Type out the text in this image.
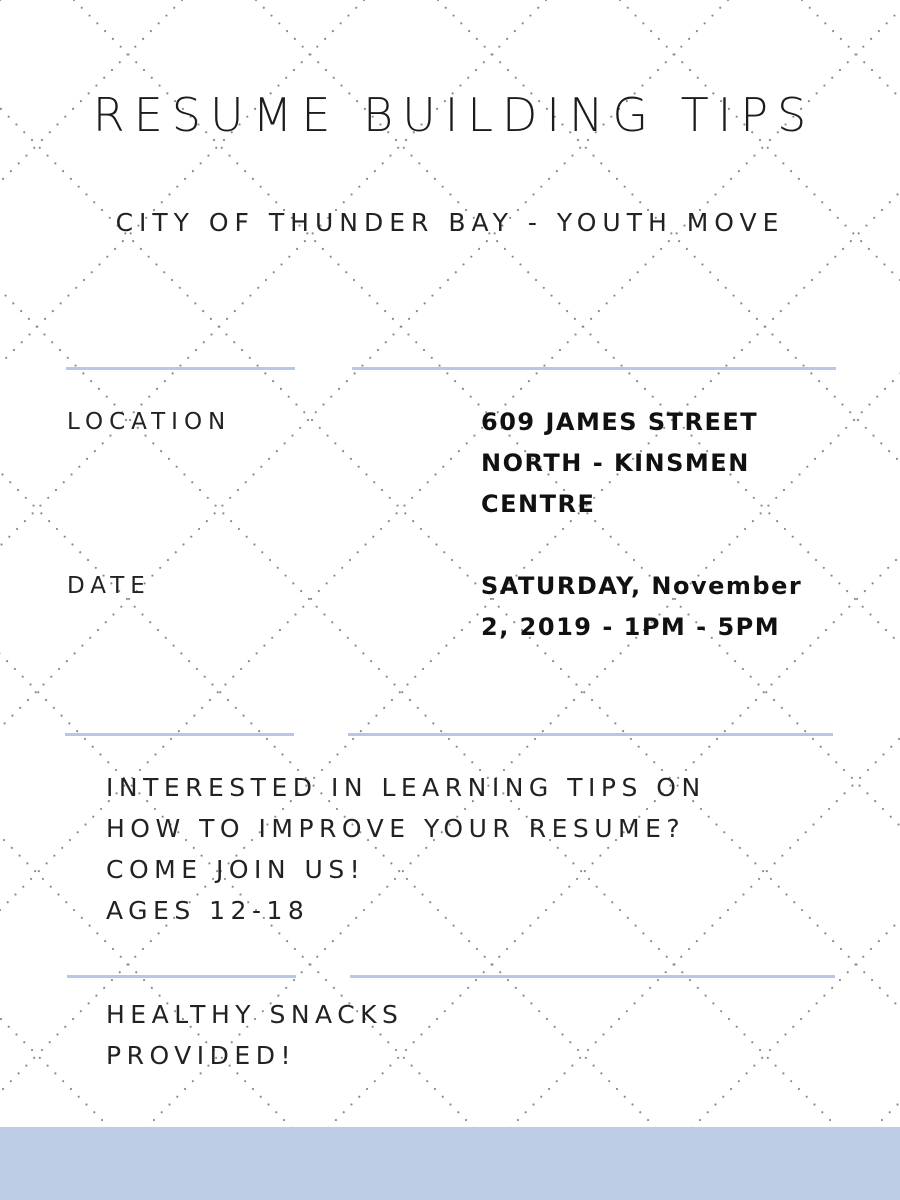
RESUME BUILDING TIPS
CITY OF THUNDER BAY - YOUTH MOVE
LOCATION	609 JAMES STREET
NORTH - KINSMEN
CENTRE
DATE	SATURDAY, November
2, 2019 - 1PM - 5PM
INTERESTED IN LEARNING TIPS ON
HOW TO IMPROVE YOUR RESUME?
COME JOIN US!
AGES 12-18
HEALTHY SNACKS
PROVIDED!
